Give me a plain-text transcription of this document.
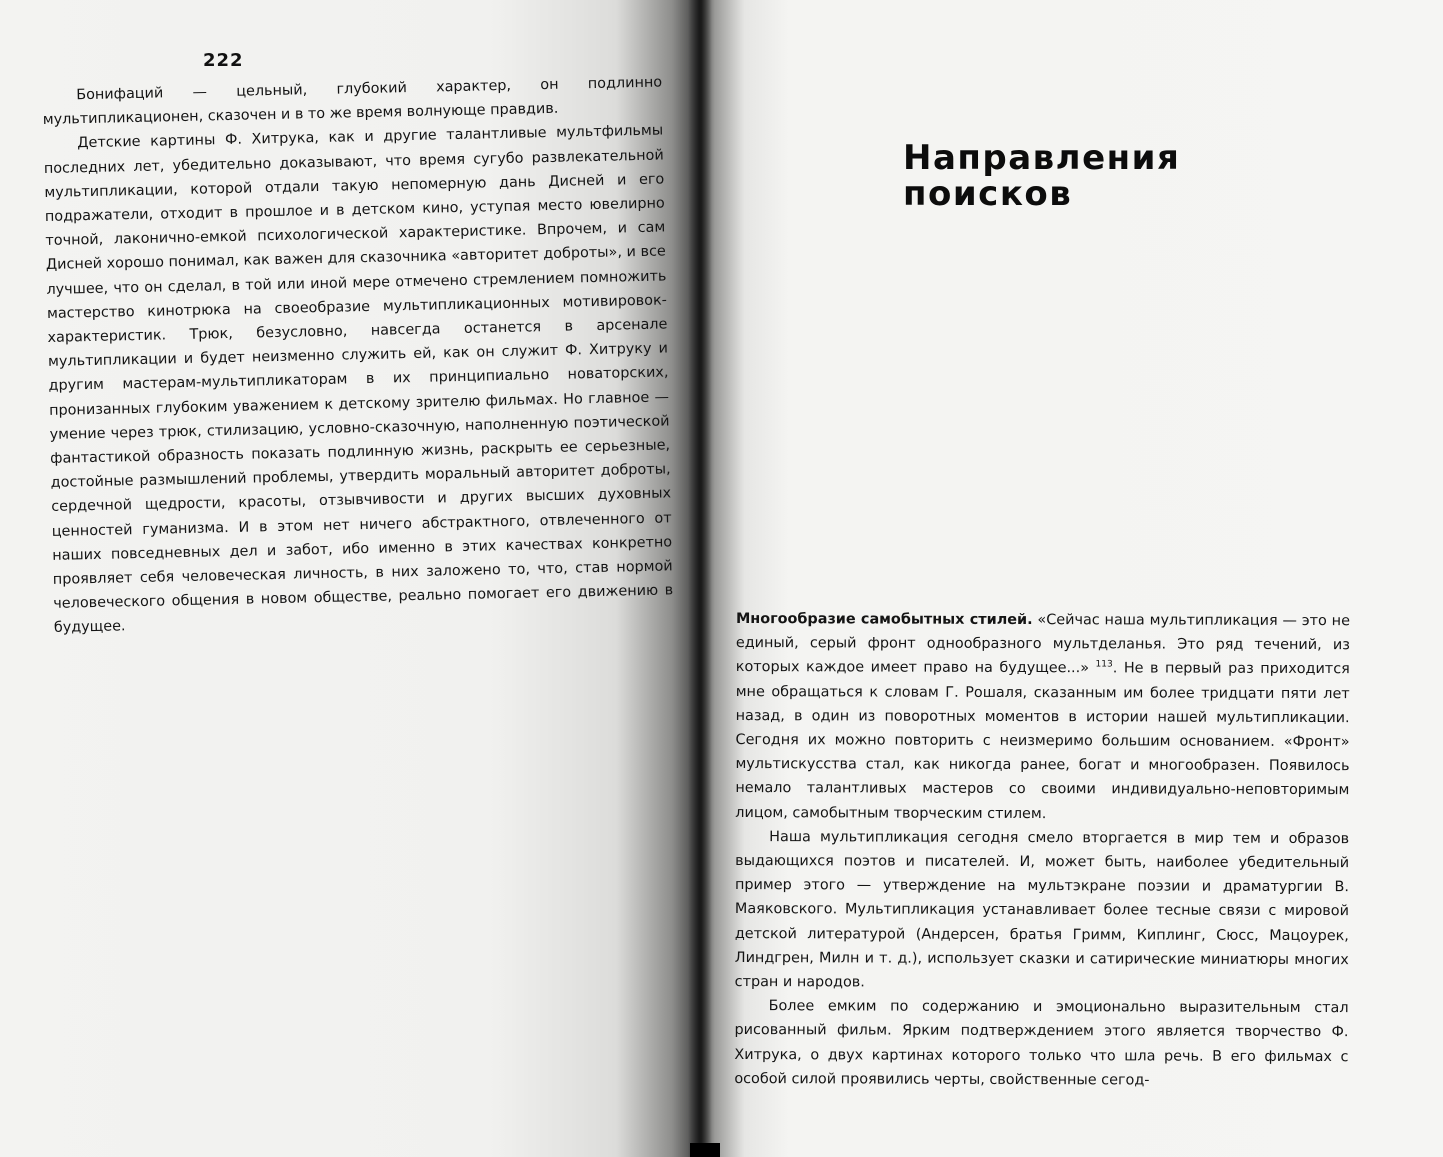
222

Бонифаций — цельный, глубокий характер, он подлинно мультипликационен, сказочен и в то же время волнующе правдив.

Детские картины Ф. Хитрука, как и другие талантливые мультфильмы последних лет, убедительно доказывают, что время сугубо развлекательной мультипликации, которой отдали такую непомерную дань Дисней и его подражатели, отходит в прошлое и в детском кино, уступая место ювелирно точной, лаконично-емкой психологической характеристике. Впрочем, и сам Дисней хорошо понимал, как важен для сказочника «авторитет доброты», и все лучшее, что он сделал, в той или иной мере отмечено стремлением помножить мастерство кинотрюка на своеобразие мультипликационных мотивировок-характеристик. Трюк, безусловно, навсегда останется в арсенале мультипликации и будет неизменно служить ей, как он служит Ф. Хитруку и другим мастерам-мультипликаторам в их принципиально новаторских, пронизанных глубоким уважением к детскому зрителю фильмах. Но главное — умение через трюк, стилизацию, условно-сказочную, наполненную поэтической фантастикой образность показать подлинную жизнь, раскрыть ее серьезные, достойные размышлений проблемы, утвердить моральный авторитет доброты, сердечной щедрости, красоты, отзывчивости и других высших духовных ценностей гуманизма. И в этом нет ничего абстрактного, отвлеченного от наших повседневных дел и забот, ибо именно в этих качествах конкретно проявляет себя человеческая личность, в них заложено то, что, став нормой человеческого общения в новом обществе, реально помогает его движению в будущее.

Направления
поисков

Многообразие самобытных стилей. «Сейчас наша мультипликация — это не единый, серый фронт однообразного мультделанья. Это ряд течений, из которых каждое имеет право на будущее...» $^{113}$. Не в первый раз приходится мне обращаться к словам Г. Рошаля, сказанным им более тридцати пяти лет назад, в один из поворотных моментов в истории нашей мультипликации. Сегодня их можно повторить с неизмеримо большим основанием. «Фронт» мультискусства стал, как никогда ранее, богат и многообразен. Появилось немало талантливых мастеров со своими индивидуально-неповторимым лицом, самобытным творческим стилем.

Наша мультипликация сегодня смело вторгается в мир тем и образов выдающихся поэтов и писателей. И, может быть, наиболее убедительный пример этого — утверждение на мультэкране поэзии и драматургии В. Маяковского. Мультипликация устанавливает более тесные связи с мировой детской литературой (Андерсен, братья Гримм, Киплинг, Сюсс, Мацоурек, Линдгрен, Милн и т. д.), использует сказки и сатирические миниатюры многих стран и народов.

Более емким по содержанию и эмоционально выразительным стал рисованный фильм. Ярким подтверждением этого является творчество Ф. Хитрука, о двух картинах которого только что шла речь. В его фильмах с особой силой проявились черты, свойственные сегод-
